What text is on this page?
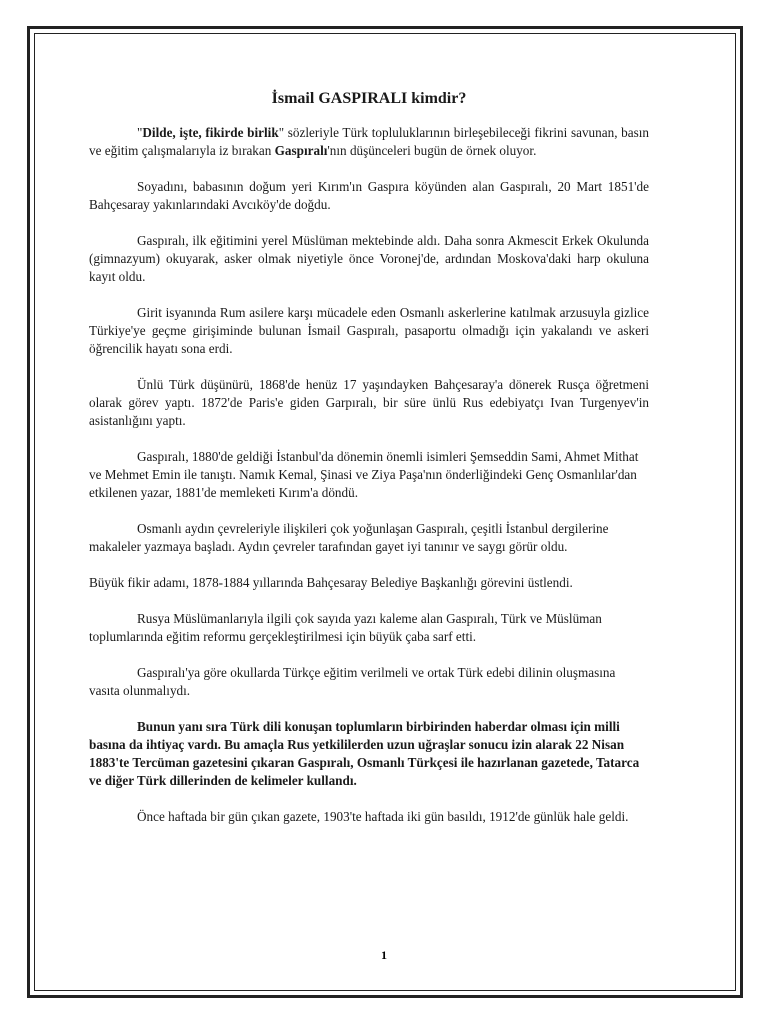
İsmail GASPIRALI kimdir?

"Dilde, işte, fikirde birlik" sözleriyle Türk topluluklarının birleşebileceği fikrini savunan, basın ve eğitim çalışmalarıyla iz bırakan Gaspıralı'nın düşünceleri bugün de örnek oluyor.

Soyadını, babasının doğum yeri Kırım'ın Gaspıra köyünden alan Gaspıralı, 20 Mart 1851'de Bahçesaray yakınlarındaki Avcıköy'de doğdu.

Gaspıralı, ilk eğitimini yerel Müslüman mektebinde aldı. Daha sonra Akmescit Erkek Okulunda (gimnazyum) okuyarak, asker olmak niyetiyle önce Voronej'de, ardından Moskova'daki harp okuluna kayıt oldu.

Girit isyanında Rum asilere karşı mücadele eden Osmanlı askerlerine katılmak arzusuyla gizlice Türkiye'ye geçme girişiminde bulunan İsmail Gaspıralı, pasaportu olmadığı için yakalandı ve askeri öğrencilik hayatı sona erdi.

Ünlü Türk düşünürü, 1868'de henüz 17 yaşındayken Bahçesaray'a dönerek Rusça öğretmeni olarak görev yaptı. 1872'de Paris'e giden Garpıralı, bir süre ünlü Rus edebiyatçı Ivan Turgenyev'in asistanlığını yaptı.

Gaspıralı, 1880'de geldiği İstanbul'da dönemin önemli isimleri Şemseddin Sami, Ahmet Mithat ve Mehmet Emin ile tanıştı. Namık Kemal, Şinasi ve Ziya Paşa'nın önderliğindeki Genç Osmanlılar'dan etkilenen yazar, 1881'de memleketi Kırım'a döndü.

Osmanlı aydın çevreleriyle ilişkileri çok yoğunlaşan Gaspıralı, çeşitli İstanbul dergilerine makaleler yazmaya başladı. Aydın çevreler tarafından gayet iyi tanınır ve saygı görür oldu.

Büyük fikir adamı, 1878-1884 yıllarında Bahçesaray Belediye Başkanlığı görevini üstlendi.

Rusya Müslümanlarıyla ilgili çok sayıda yazı kaleme alan Gaspıralı, Türk ve Müslüman toplumlarında eğitim reformu gerçekleştirilmesi için büyük çaba sarf etti.

Gaspıralı'ya göre okullarda Türkçe eğitim verilmeli ve ortak Türk edebi dilinin oluşmasına vasıta olunmalıydı.

Bunun yanı sıra Türk dili konuşan toplumların birbirinden haberdar olması için milli basına da ihtiyaç vardı. Bu amaçla Rus yetkililerden uzun uğraşlar sonucu izin alarak 22 Nisan 1883'te Tercüman gazetesini çıkaran Gaspıralı, Osmanlı Türkçesi ile hazırlanan gazetede, Tatarca ve diğer Türk dillerinden de kelimeler kullandı.

Önce haftada bir gün çıkan gazete, 1903'te haftada iki gün basıldı, 1912'de günlük hale geldi.

1
